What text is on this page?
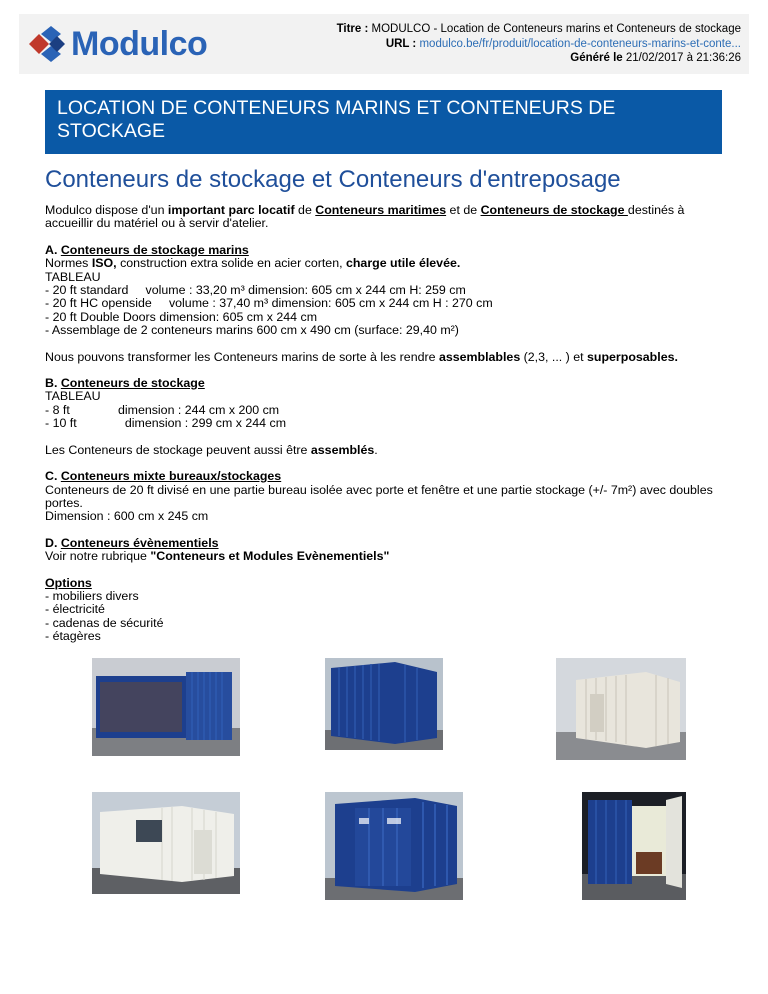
Modulco	Titre : MODULCO - Location de Conteneurs marins et Conteneurs de stockage
URL : modulco.be/fr/produit/location-de-conteneurs-marins-et-conte...
Généré le 21/02/2017 à 21:36:26
LOCATION DE CONTENEURS MARINS ET CONTENEURS DE
STOCKAGE
Conteneurs de stockage et Conteneurs d'entreposage

Modulco dispose d'un important parc locatif de Conteneurs maritimes et de Conteneurs de stockage destinés à
accueillir du matériel ou à servir d'atelier.

A. Conteneurs de stockage marins
Normes ISO, construction extra solide en acier corten, charge utile élevée.
TABLEAU
- 20 ft standard     volume : 33,20 m³ dimension: 605 cm x 244 cm H: 259 cm
- 20 ft HC openside     volume : 37,40 m³ dimension: 605 cm x 244 cm H : 270 cm
- 20 ft Double Doors dimension: 605 cm x 244 cm
- Assemblage de 2 conteneurs marins 600 cm x 490 cm (surface: 29,40 m²)

Nous pouvons transformer les Conteneurs marins de sorte à les rendre assemblables (2,3, ... ) et superposables.

B. Conteneurs de stockage
TABLEAU
- 8 ft              dimension : 244 cm x 200 cm
- 10 ft              dimension : 299 cm x 244 cm

Les Conteneurs de stockage peuvent aussi être assemblés.

C. Conteneurs mixte bureaux/stockages
Conteneurs de 20 ft divisé en une partie bureau isolée avec porte et fenêtre et une partie stockage (+/- 7m²) avec doubles
portes.
Dimension : 600 cm x 245 cm

D. Conteneurs évènementiels
Voir notre rubrique "Conteneurs et Modules Evènementiels"

Options
- mobiliers divers
- électricité
- cadenas de sécurité
- étagères
